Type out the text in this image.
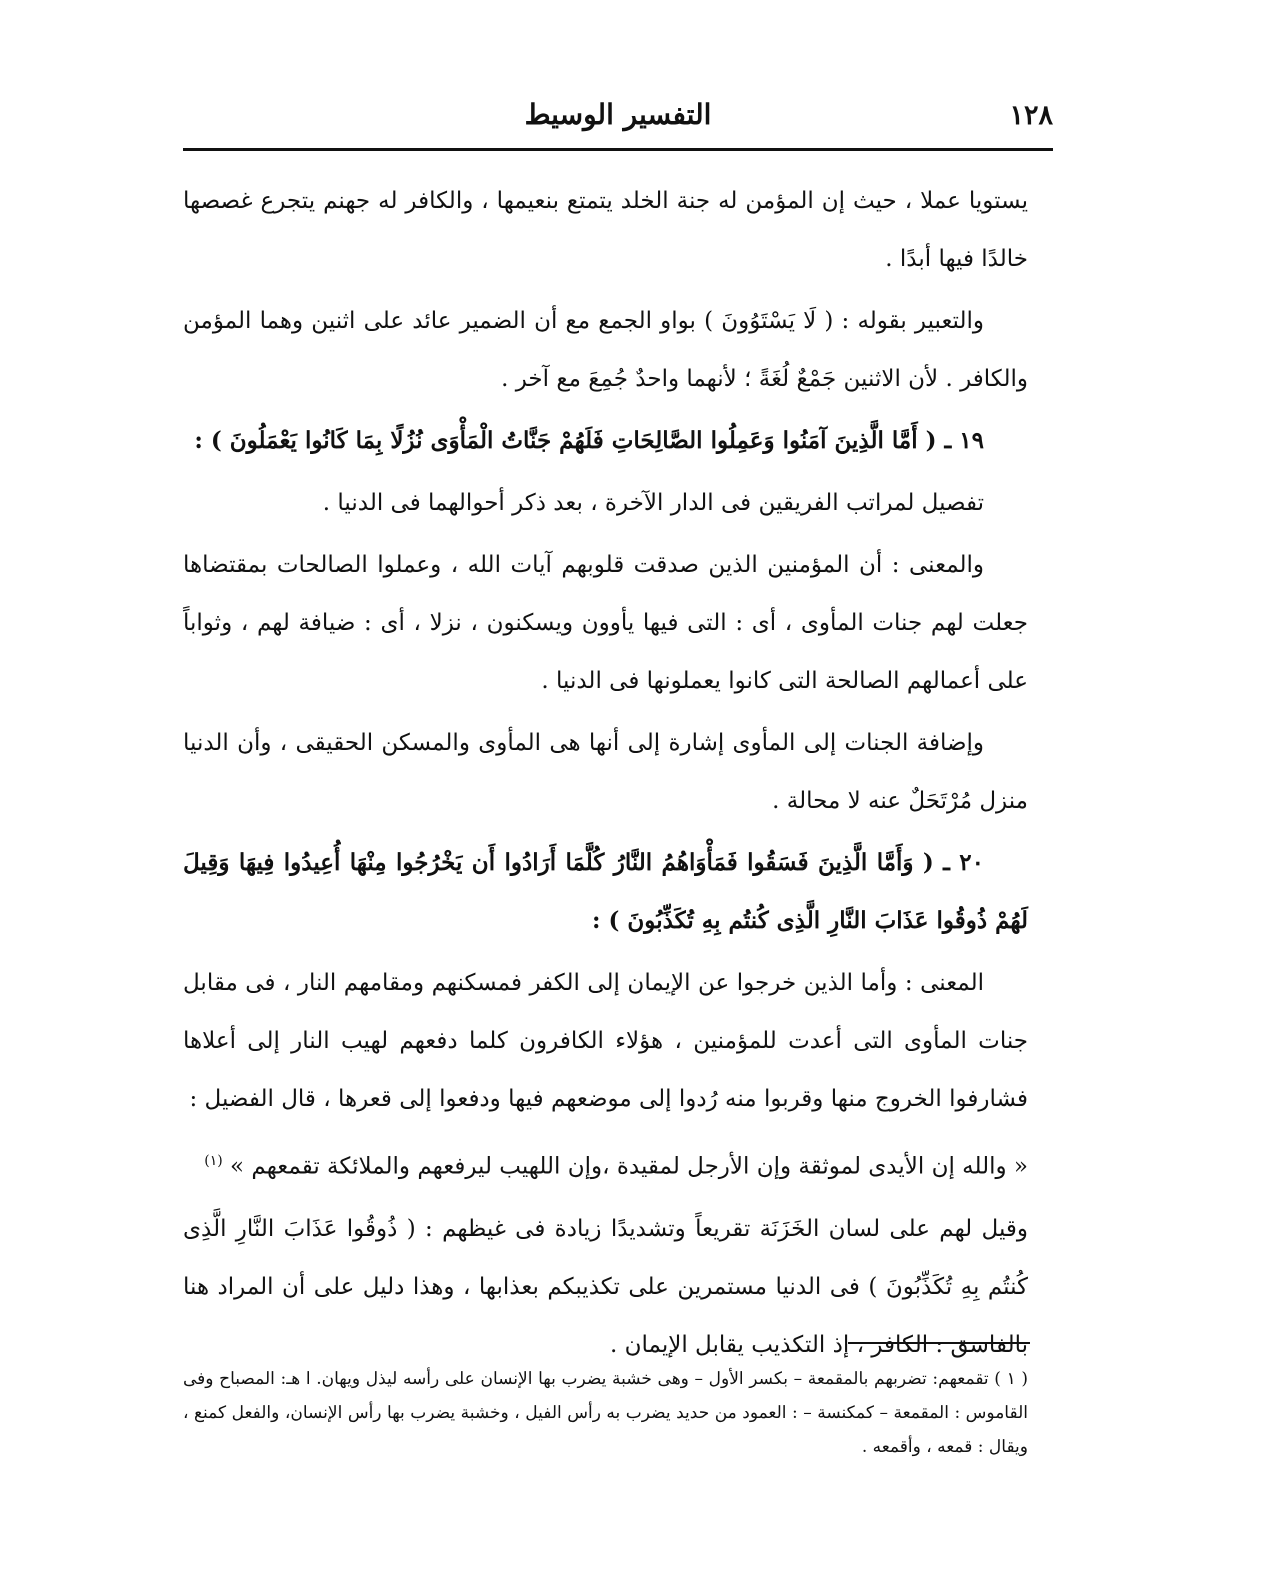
١٢٨
التفسير الوسيط

يستويا عملا ، حيث إن المؤمن له جنة الخلد يتمتع بنعيمها ، والكافر له جهنم يتجرع غصصها خالدًا فيها أبدًا .

والتعبير بقوله : ( لَا يَسْتَوُونَ ) بواو الجمع مع أن الضمير عائد على اثنين وهما المؤمن والكافر . لأن الاثنين جَمْعٌ لُغَةً ؛ لأنهما واحدٌ جُمِعَ مع آخر .

١٩ ـ ( أَمَّا الَّذِينَ آمَنُوا وَعَمِلُوا الصَّالِحَاتِ فَلَهُمْ جَنَّاتُ الْمَأْوَى نُزُلًا بِمَا كَانُوا يَعْمَلُونَ ) :

تفصيل لمراتب الفريقين فى الدار الآخرة ، بعد ذكر أحوالهما فى الدنيا .

والمعنى : أن المؤمنين الذين صدقت قلوبهم آيات الله ، وعملوا الصالحات بمقتضاها جعلت لهم جنات المأوى ، أى : التى فيها يأوون ويسكنون ، نزلا ، أى : ضيافة لهم ، وثواباً على أعمالهم الصالحة التى كانوا يعملونها فى الدنيا .

وإضافة الجنات إلى المأوى إشارة إلى أنها هى المأوى والمسكن الحقيقى ، وأن الدنيا منزل مُرْتَحَلٌ عنه لا محالة .

٢٠ ـ ( وَأَمَّا الَّذِينَ فَسَقُوا فَمَأْوَاهُمُ النَّارُ كُلَّمَا أَرَادُوا أَن يَخْرُجُوا مِنْهَا أُعِيدُوا فِيهَا وَقِيلَ لَهُمْ ذُوقُوا عَذَابَ النَّارِ الَّذِى كُنتُم بِهِ تُكَذِّبُونَ ) :

المعنى : وأما الذين خرجوا عن الإيمان إلى الكفر فمسكنهم ومقامهم النار ، فى مقابل جنات المأوى التى أعدت للمؤمنين ، هؤلاء الكافرون كلما دفعهم لهيب النار إلى أعلاها فشارفوا الخروج منها وقربوا منه رُدوا إلى موضعهم فيها ودفعوا إلى قعرها ، قال الفضيل :

« والله إن الأيدى لموثقة وإن الأرجل لمقيدة ،وإن اللهيب ليرفعهم والملائكة تقمعهم » $^{(١)}$

وقيل لهم على لسان الخَزَنَة تقريعاً وتشديدًا زيادة فى غيظهم : ( ذُوقُوا عَذَابَ النَّارِ الَّذِى كُنتُم بِهِ تُكَذِّبُونَ ) فى الدنيا مستمرين على تكذيبكم بعذابها ، وهذا دليل على أن المراد هنا بالفاسق : الكافر ، إذ التكذيب يقابل الإيمان .

( ١ ) تقمعهم: تضربهم بالمقمعة – بكسر الأول – وهى خشبة يضرب بها الإنسان على رأسه ليذل ويهان. ا هـ: المصباح وفى القاموس : المقمعة – كمكنسة – : العمود من حديد يضرب به رأس الفيل ، وخشبة يضرب بها رأس الإنسان، والفعل كمنع ، ويقال : قمعه ، وأقمعه .
